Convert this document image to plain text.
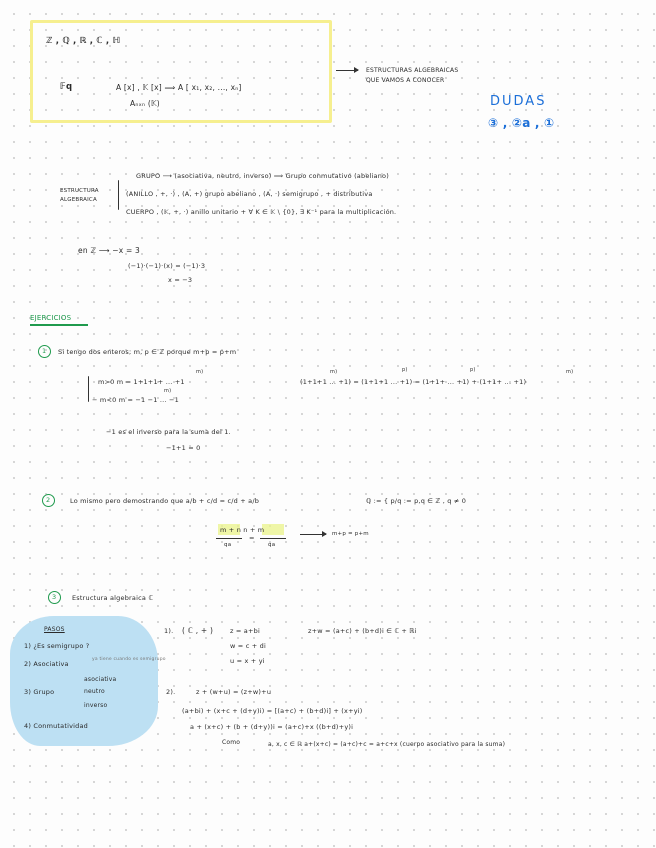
ℤ , ℚ , ℝ , ℂ , ℍ
𝔽q	A [x] , 𝕂 [x] ⟹ A [ x₁, x₂, ..., xₙ]
Aₙₓₙ (𝕂)
ESTRUCTURAS ALGEBRAICAS
QUE VAMOS A CONOCER
DUDAS
③ , ②a , ①
ESTRUCTURA
ALGEBRAICA
GRUPO ⟶ (asociativa, neutro, inverso) ⟹ Grupo conmutativo (abeliano)
(ANILLO , +, ·) , (A, +) grupo abeliano , (A, ·) semigrupo , + distributiva
CUERPO , (𝕂, +, ·) anillo unitario + ∀ K ∈ 𝕂 \ {0}, ∃ K⁻¹ para la multiplicación.
en ℤ ⟶ −x = 3
(−1)·(−1)·(x) = (−1)·3
x = −3
EJERCICIOS
1 Si tengo dos enteros; m, p ∈ ℤ porque m+p = p+m
m)
m>0 m = 1+1+1+ ... +1
m)
− m<0 m = −1 −1 ... −1
m)	p)	p)	m)
(1+1+1 ... +1) = (1+1+1 ... +1) = (1+1+ ... +1) + (1+1+ ... +1)
−1 es el inverso para la suma del 1.
−1+1 = 0
2	Lo mismo pero demostrando que a/b + c/d = c/d + a/b	ℚ := { p/q := p,q ∈ ℤ , q ≠ 0
m + n n + m
=
qa	qa
m+p = p+m
3 Estructura algebraica ℂ
PASOS
1) ¿Es semigrupo ?
2) Asociativa
ya tiene cuando es semigrupo
3) Grupo
asociativa
neutro
inverso
4) Conmutatividad
1). ( ℂ , + )	z = a+bi	z+w = (a+c) + (b+d)i ∈ ℂ + ℝi
w = c + di
u = x + yi
2).	z + (w+u) = (z+w)+u
(a+bi) + (x+c + (d+y)i) = [(a+c) + (b+d)i] + (x+yi)
a + (x+c) + (b + (d+y))i = (a+c)+x ((b+d)+y)i
Como	a, x, c ∈ ℝ a+(x+c) = (a+c)+c = a+c+x (cuerpo asociativo para la suma)
